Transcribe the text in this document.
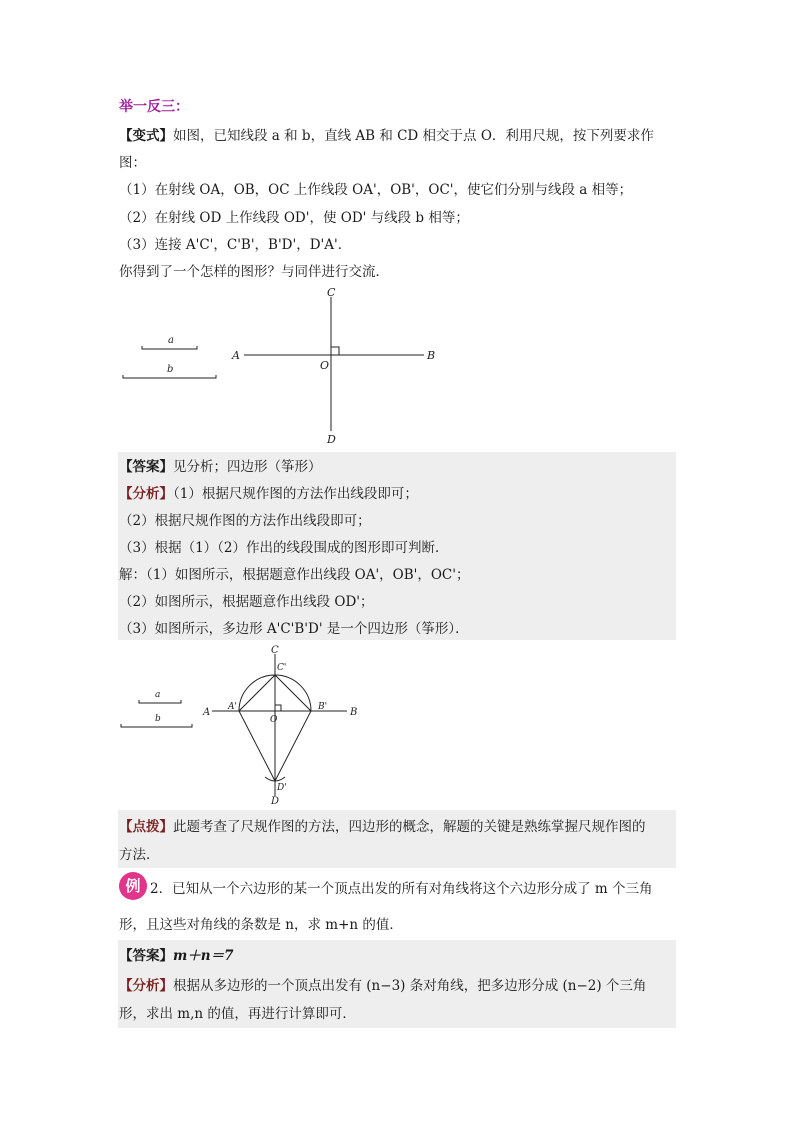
举一反三：
【变式】如图，已知线段 a 和 b，直线 AB 和 CD 相交于点 O．利用尺规，按下列要求作
图：
（1）在射线 OA，OB，OC 上作线段 OA'，OB'，OC'，使它们分别与线段 a 相等；
（2）在射线 OD 上作线段 OD'，使 OD' 与线段 b 相等；
（3）连接 A'C'，C'B'，B'D'，D'A'．
你得到了一个怎样的图形？与同伴进行交流．
a
b
A	B
C
D
O
【答案】见分析；四边形（筝形）
【分析】（1）根据尺规作图的方法作出线段即可；
（2）根据尺规作图的方法作出线段即可；
（3）根据（1）（2）作出的线段围成的图形即可判断．
解：（1）如图所示，根据题意作出线段 OA'，OB'，OC'；
（2）如图所示，根据题意作出线段 OD'；
（3）如图所示，多边形 A'C'B'D' 是一个四边形（筝形）．
a
b
A A'	B
B'
C
C'
D
D'
O
【点拨】此题考查了尺规作图的方法，四边形的概念，解题的关键是熟练掌握尺规作图的
方法．
例 2．已知从一个六边形的某一个顶点出发的所有对角线将这个六边形分成了 m 个三角
形，且这些对角线的条数是 n，求 m+n 的值．
【答案】m＋n＝7
【分析】根据从多边形的一个顶点出发有 (n−3) 条对角线，把多边形分成 (n−2) 个三角
形，求出 m,n 的值，再进行计算即可．
